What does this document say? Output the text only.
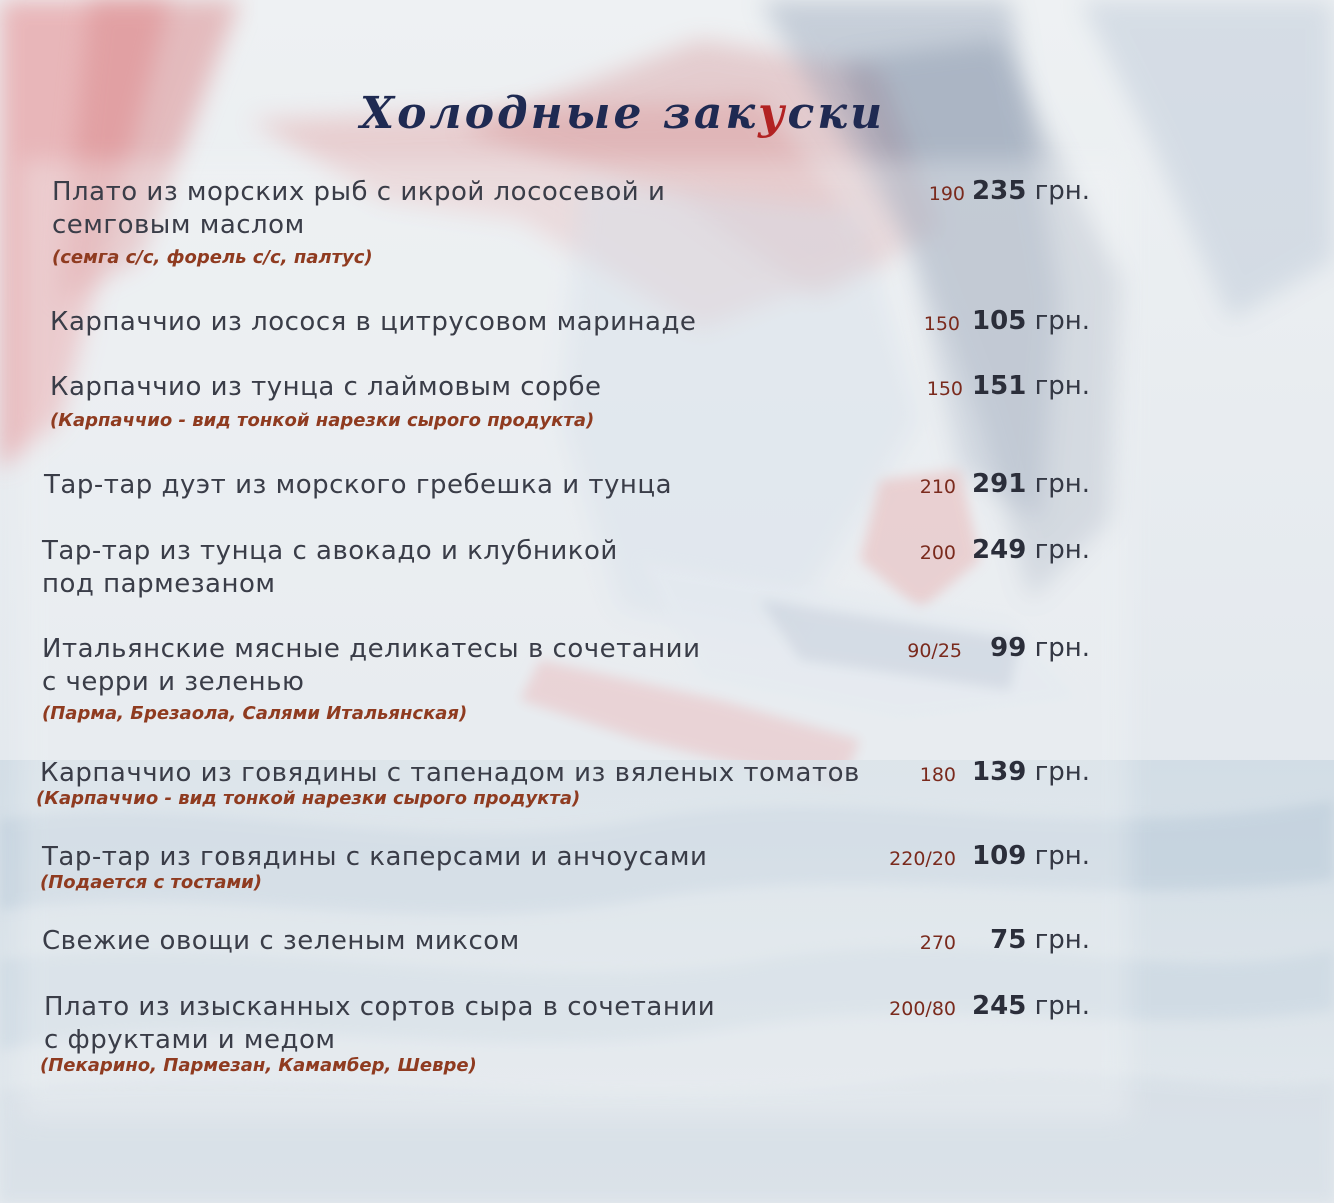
Холодные закуски
Плато из морских рыб с икрой лососевой и
семговым маслом
(семга с/с, форель с/с, палтус)
190 235 грн.
Карпаччио из лосося в цитрусовом маринаде	150 105 грн.
Карпаччио из тунца с лаймовым сорбе
(Карпаччио - вид тонкой нарезки сырого продукта)
150 151 грн.
Тар-тар дуэт из морского гребешка и тунца	210 291 грн.
Тар-тар из тунца с авокадо и клубникой
под пармезаном
200 249 грн.
Итальянские мясные деликатесы в сочетании
с черри и зеленью
(Парма, Брезаола, Салями Итальянская)
90/25	99 грн.
Карпаччио из говядины с тапенадом из вяленых томатов
(Карпаччио - вид тонкой нарезки сырого продукта)
180 139 грн.
Тар-тар из говядины с каперсами и анчоусами
(Подается с тостами)
220/20 109 грн.
Свежие овощи с зеленым миксом	270	75 грн.
Плато из изысканных сортов сыра в сочетании
с фруктами и медом
(Пекарино, Пармезан, Камамбер, Шевре)
200/80 245 грн.
